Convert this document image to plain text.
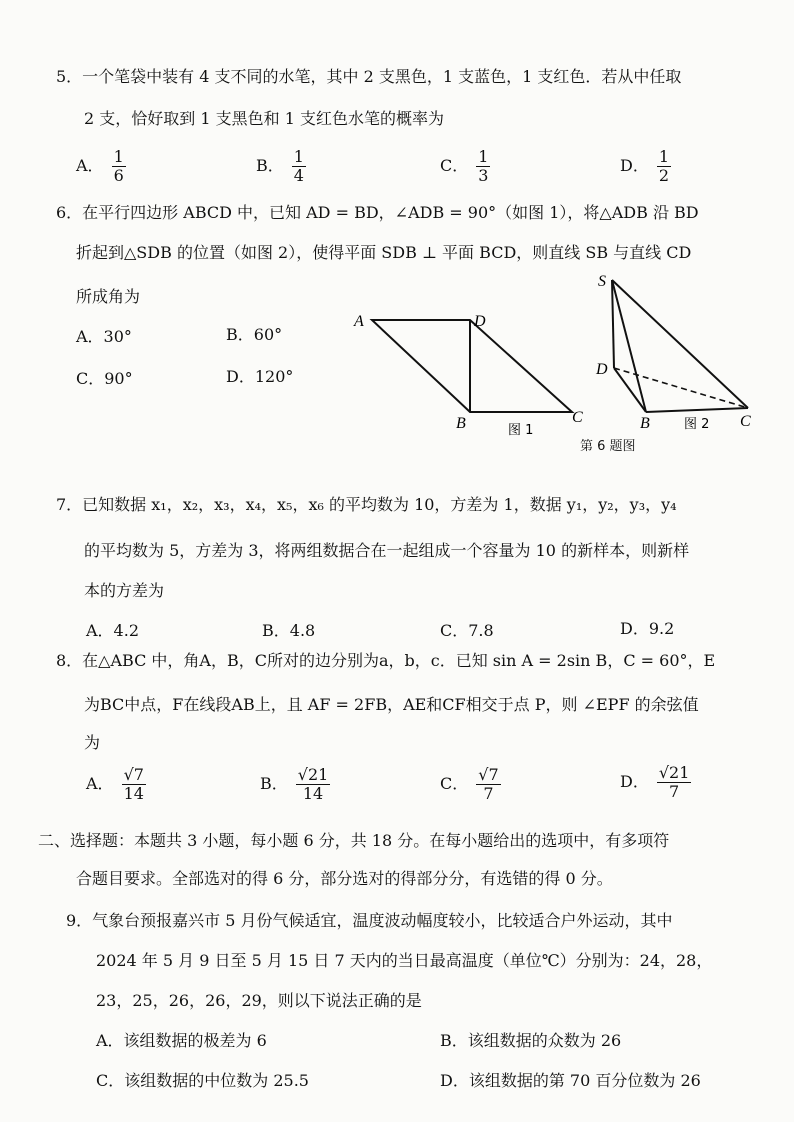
5．一个笔袋中装有 4 支不同的水笔，其中 2 支黑色，1 支蓝色，1 支红色．若从中任取
2 支，恰好取到 1 支黑色和 1 支红色水笔的概率为
A． $\frac{1}{6}$	B． $\frac{1}{4}$	C． $\frac{1}{3}$	D． $\frac{1}{2}$
6．在平行四边形 ABCD 中，已知 AD = BD，∠ADB = 90°（如图 1），将△ADB 沿 BD
折起到△SDB 的位置（如图 2），使得平面 SDB ⊥ 平面 BCD，则直线 SB 与直线 CD
所成角为
A．30°	B．60°
C．90°	D．120°
A	D
B	C
图 1
S
D
B	C
图 2
第 6 题图
7．已知数据 x₁，x₂，x₃，x₄，x₅，x₆ 的平均数为 10，方差为 1，数据 y₁，y₂，y₃，y₄
的平均数为 5，方差为 3，将两组数据合在一起组成一个容量为 10 的新样本，则新样
本的方差为
A．4.2	B．4.8	C．7.8	D．9.2
8．在△ABC 中，角A，B，C所对的边分别为a，b，c．已知 sin A = 2sin B，C = 60°，E
为BC中点，F在线段AB上，且 AF = 2FB，AE和CF相交于点 P，则 ∠EPF 的余弦值
为
A． $\frac{√7}{14}$	B． $\frac{√21}{14}$	C． $\frac{√7}{7}$	D． $\frac{√21}{7}$
二、选择题：本题共 3 小题，每小题 6 分，共 18 分。在每小题给出的选项中，有多项符
合题目要求。全部选对的得 6 分，部分选对的得部分分，有选错的得 0 分。
9．气象台预报嘉兴市 5 月份气候适宜，温度波动幅度较小，比较适合户外运动，其中
2024 年 5 月 9 日至 5 月 15 日 7 天内的当日最高温度（单位℃）分别为：24，28，
23，25，26，26，29，则以下说法正确的是
A．该组数据的极差为 6	B．该组数据的众数为 26
C．该组数据的中位数为 25.5	D．该组数据的第 70 百分位数为 26
